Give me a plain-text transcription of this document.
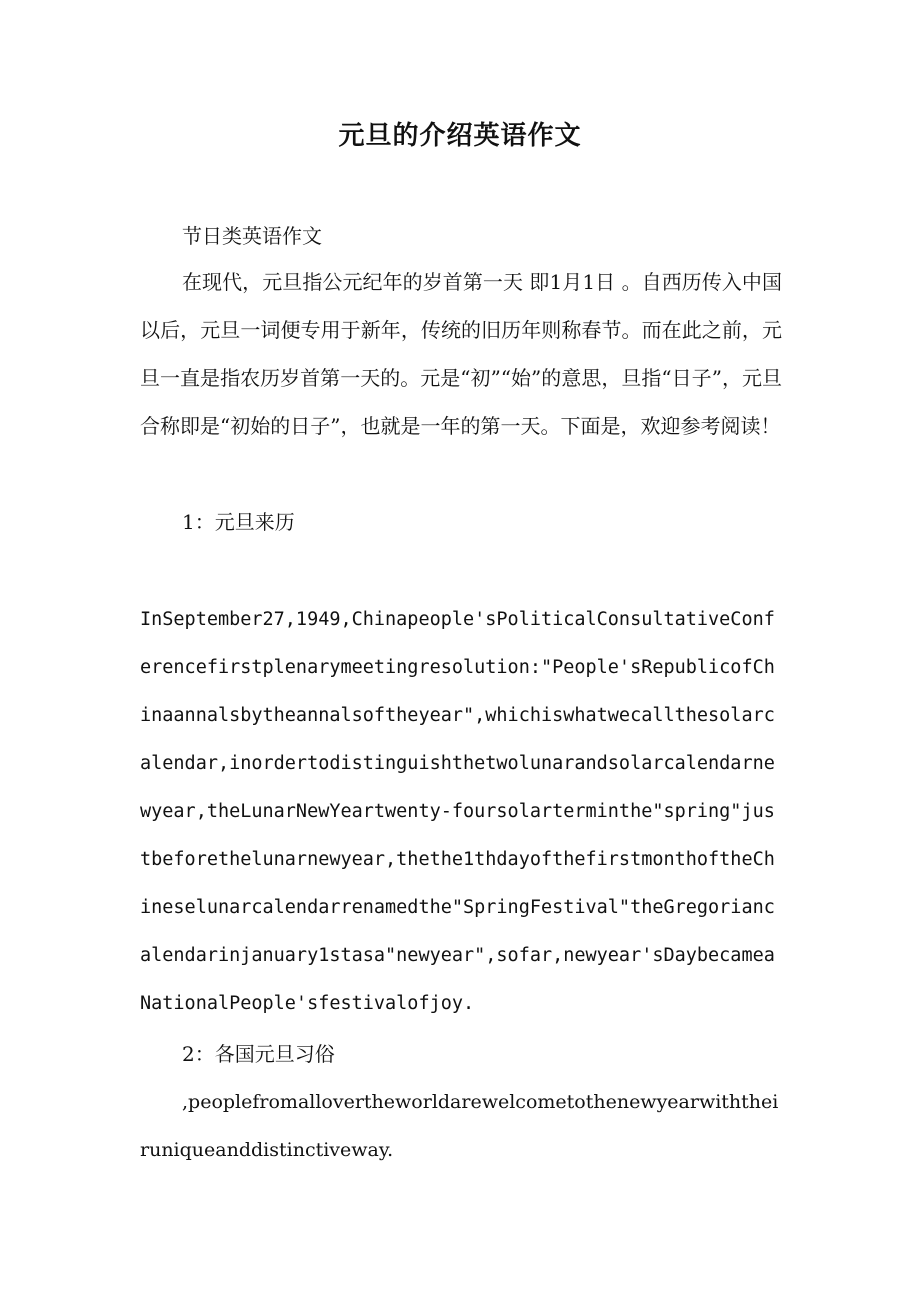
元旦的介绍英语作文
节日类英语作文
在现代，元旦指公元纪年的岁首第一天 即1月1日 。自西历传入中国以后，元旦一词便专用于新年，传统的旧历年则称春节。而在此之前，元旦一直是指农历岁首第一天的。元是“初”“始”的意思，旦指“日子”，元旦合称即是“初始的日子”，也就是一年的第一天。下面是，欢迎参考阅读！
1：元旦来历
InSeptember27,1949,Chinapeople'sPoliticalConsultativeConferencefirstplenarymeetingresolution:"People'sRepublicofChinaannalsbytheannalsoftheyear",whichiswhatwecallthesolarcalendar,inordertodistinguishthetwolunarandsolarcalendarnewyear,theLunarNewYeartwenty-foursolarterminthe"spring"justbeforethelunarnewyear,thethe1thdayofthefirstmonthoftheChineselunarcalendarrenamedthe"SpringFestival"theGregoriancalendarinjanuary1stasa"newyear",sofar,newyear'sDaybecameaNationalPeople'sfestivalofjoy.
2：各国元旦习俗
,peoplefromallovertheworldarewelcometothenewyearwiththeiruniqueanddistinctiveway.
